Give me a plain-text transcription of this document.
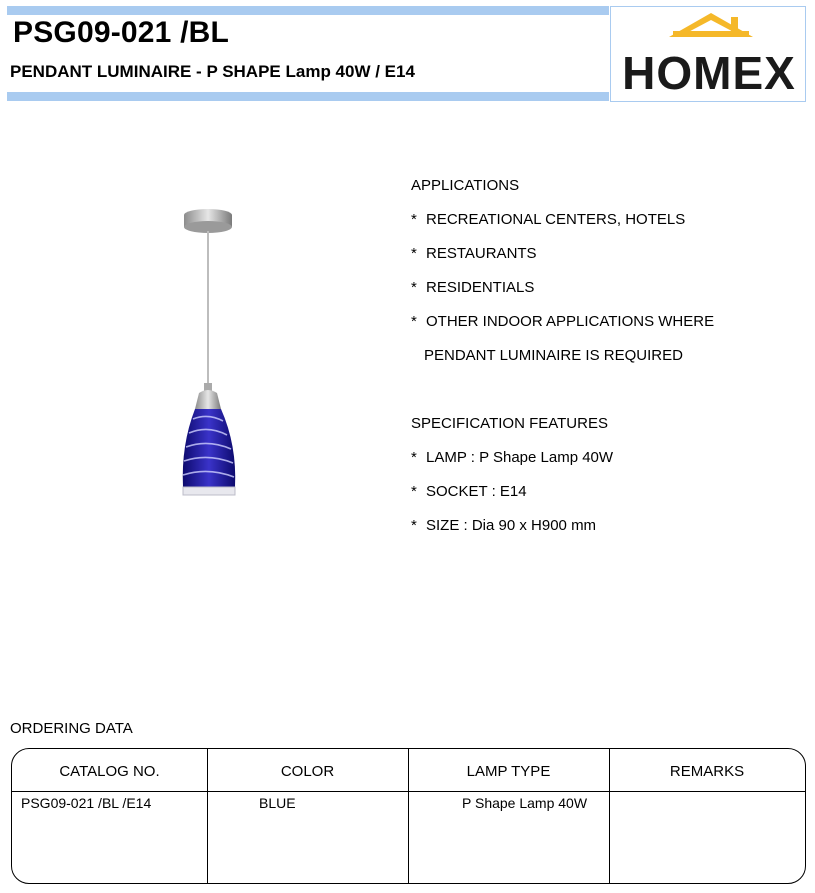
PSG09-021 /BL

PENDANT LUMINAIRE - P SHAPE Lamp 40W / E14	HOMEX

APPLICATIONS

* RECREATIONAL CENTERS, HOTELS

* RESTAURANTS

* RESIDENTIALS

* OTHER INDOOR APPLICATIONS WHERE

PENDANT LUMINAIRE IS REQUIRED

SPECIFICATION FEATURES

* LAMP : P Shape Lamp 40W

* SOCKET : E14

* SIZE : Dia 90 x H900 mm

ORDERING DATA

CATALOG NO.	COLOR	LAMP TYPE	REMARKS
PSG09-021 /BL /E14	BLUE	P Shape Lamp 40W
